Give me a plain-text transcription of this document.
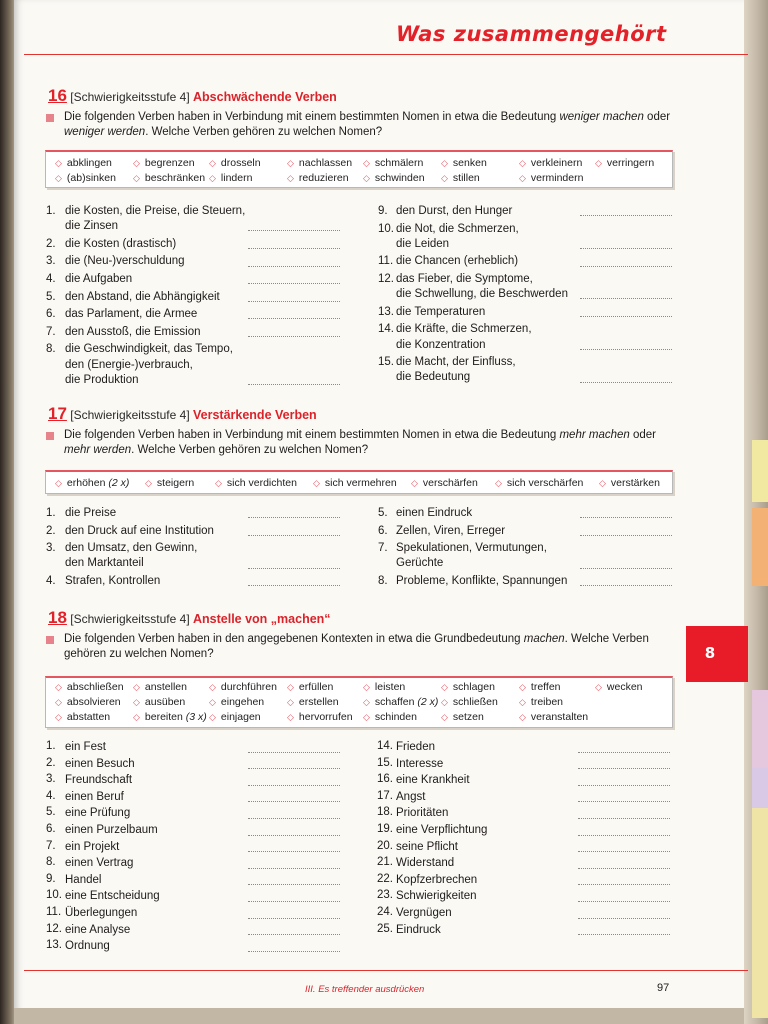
Was zusammengehört
16 [Schwierigkeitsstufe 4] Abschwächende Verben
Die folgenden Verben haben in Verbindung mit einem bestimmten Nomen in etwa die Bedeutung weniger machen oder weniger werden. Welche Verben gehören zu welchen Nomen?
◇ abklingen ◇ begrenzen ◇ drosseln	◇ nachlassen ◇ schmälern ◇ senken	◇ verkleinern ◇ verringern
◇ (ab)sinken ◇ beschränken ◇ lindern	◇ reduzieren ◇ schwinden ◇ stillen	◇ vermindern
17 [Schwierigkeitsstufe 4] Verstärkende Verben
Die folgenden Verben haben in Verbindung mit einem bestimmten Nomen in etwa die Bedeutung mehr machen oder mehr werden. Welche Verben gehören zu welchen Nomen?
◇ erhöhen (2 x) ◇ steigern ◇ sich verdichten ◇ sich vermehren ◇ verschärfen ◇ sich verschärfen ◇ verstärken
18 [Schwierigkeitsstufe 4] Anstelle von „machen“
Die folgenden Verben haben in den angegebenen Kontexten in etwa die Grundbedeutung machen. Welche Verben gehören zu welchen Nomen?
◇ abschließen ◇ anstellen ◇ durchführen ◇ erfüllen	◇ leisten	◇ schlagen	◇ treffen	◇ wecken
◇ absolvieren ◇ ausüben	◇ eingehen	◇ erstellen	◇ schaffen (2 x) ◇ schließen ◇ treiben
◇ abstatten	◇ bereiten (3 x) ◇ einjagen	◇ hervorrufen ◇ schinden	◇ setzen	◇ veranstalten
1. die Kosten, die Preise, die Steuern,
die Zinsen
2. die Kosten (drastisch)
3. die (Neu-)verschuldung
4. die Aufgaben
5. den Abstand, die Abhängigkeit
6. das Parlament, die Armee
7. den Ausstoß, die Emission
8. die Geschwindigkeit, das Tempo,
den (Energie-)verbrauch,
die Produktion
9. den Durst, den Hunger
10. die Not, die Schmerzen,
die Leiden
11. die Chancen (erheblich)
12. das Fieber, die Symptome,
die Schwellung, die Beschwerden
13. die Temperaturen
14. die Kräfte, die Schmerzen,
die Konzentration
15. die Macht, der Einfluss,
die Bedeutung
1. die Preise
2. den Druck auf eine Institution
3. den Umsatz, den Gewinn,
den Marktanteil
4. Strafen, Kontrollen
5. einen Eindruck
6. Zellen, Viren, Erreger
7. Spekulationen, Vermutungen,
Gerüchte
8. Probleme, Konflikte, Spannungen
1. ein Fest
2. einen Besuch
3. Freundschaft
4. einen Beruf
5. eine Prüfung
6. einen Purzelbaum
7. ein Projekt
8. einen Vertrag
9. Handel
10. eine Entscheidung
11. Überlegungen
12. eine Analyse
13. Ordnung
14. Frieden
15. Interesse
16. eine Krankheit
17. Angst
18. Prioritäten
19. eine Verpflichtung
20. seine Pflicht
21. Widerstand
22. Kopfzerbrechen
23. Schwierigkeiten
24. Vergnügen
25. Eindruck
8
III. Es treffender ausdrücken	97
